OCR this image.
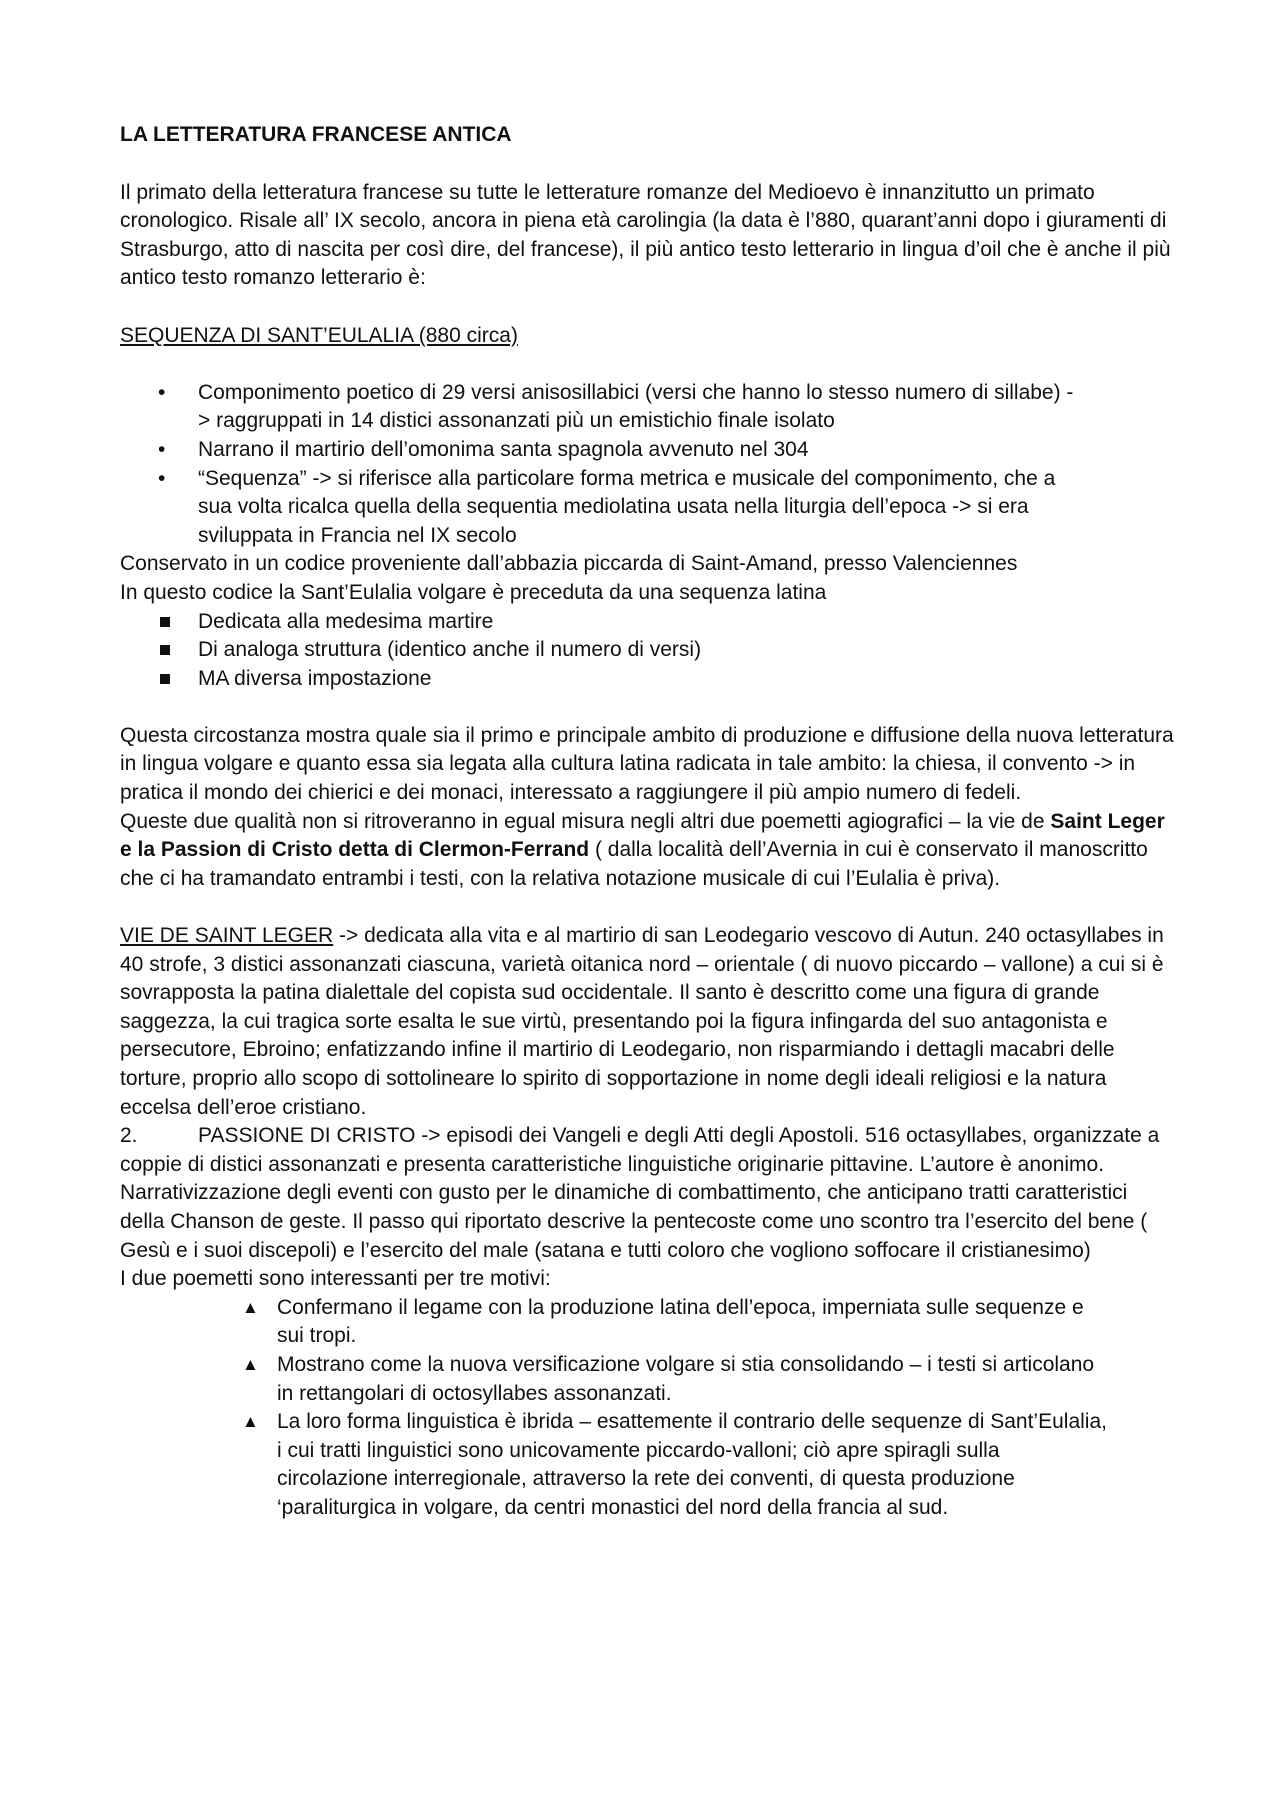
LA LETTERATURA FRANCESE ANTICA

Il primato della letteratura francese su tutte le letterature romanze del Medioevo è innanzitutto un primato cronologico. Risale all’ IX secolo, ancora in piena età carolingia (la data è l’880, quarant’anni dopo i giuramenti di Strasburgo, atto di nascita per così dire, del francese), il più antico testo letterario in lingua d’oil che è anche il più antico testo romanzo letterario è:

SEQUENZA DI SANT’EULALIA (880 circa)

• Componimento poetico di 29 versi anisosillabici (versi che hanno lo stesso numero di sillabe) -> raggruppati in 14 distici assonanzati più un emistichio finale isolato
• Narrano il martirio dell’omonima santa spagnola avvenuto nel 304
• “Sequenza” -> si riferisce alla particolare forma metrica e musicale del componimento, che a sua volta ricalca quella della sequentia mediolatina usata nella liturgia dell’epoca -> si era sviluppata in Francia nel IX secolo

Conservato in un codice proveniente dall’abbazia piccarda di Saint-Amand, presso Valenciennes

In questo codice la Sant’Eulalia volgare è preceduta da una sequenza latina

Dedicata alla medesima martire
Di analoga struttura (identico anche il numero di versi)
MA diversa impostazione

Questa circostanza mostra quale sia il primo e principale ambito di produzione e diffusione della nuova letteratura in lingua volgare e quanto essa sia legata alla cultura latina radicata in tale ambito: la chiesa, il convento -> in pratica il mondo dei chierici e dei monaci, interessato a raggiungere il più ampio numero di fedeli.

Queste due qualità non si ritroveranno in egual misura negli altri due poemetti agiografici – la vie de Saint Leger e la Passion di Cristo detta di Clermon-Ferrand ( dalla località dell’Avernia in cui è conservato il manoscritto che ci ha tramandato entrambi i testi, con la relativa notazione musicale di cui l’Eulalia è priva).

VIE DE SAINT LEGER -> dedicata alla vita e al martirio di san Leodegario vescovo di Autun. 240 octasyllabes in 40 strofe, 3 distici assonanzati ciascuna, varietà oitanica nord – orientale ( di nuovo piccardo – vallone) a cui si è sovrapposta la patina dialettale del copista sud occidentale. Il santo è descritto come una figura di grande saggezza, la cui tragica sorte esalta le sue virtù, presentando poi la figura infingarda del suo antagonista e persecutore, Ebroino; enfatizzando infine il martirio di Leodegario, non risparmiando i dettagli macabri delle torture, proprio allo scopo di sottolineare lo spirito di sopportazione in nome degli ideali religiosi e la natura eccelsa dell’eroe cristiano.

2.	PASSIONE DI CRISTO -> episodi dei Vangeli e degli Atti degli Apostoli. 516 octasyllabes, organizzate a coppie di distici assonanzati e presenta caratteristiche linguistiche originarie pittavine. L’autore è anonimo. Narrativizzazione degli eventi con gusto per le dinamiche di combattimento, che anticipano tratti caratteristici della Chanson de geste. Il passo qui riportato descrive la pentecoste come uno scontro tra l’esercito del bene ( Gesù e i suoi discepoli) e l’esercito del male (satana e tutti coloro che vogliono soffocare il cristianesimo)

I due poemetti sono interessanti per tre motivi:

▲ Confermano il legame con la produzione latina dell’epoca, imperniata sulle sequenze e sui tropi.
▲ Mostrano come la nuova versificazione volgare si stia consolidando – i testi si articolano in rettangolari di octosyllabes assonanzati.
▲ La loro forma linguistica è ibrida – esattemente il contrario delle sequenze di Sant’Eulalia, i cui tratti linguistici sono unicovamente piccardo-valloni; ciò apre spiragli sulla circolazione interregionale, attraverso la rete dei conventi, di questa produzione ‘paraliturgica in volgare, da centri monastici del nord della francia al sud.
